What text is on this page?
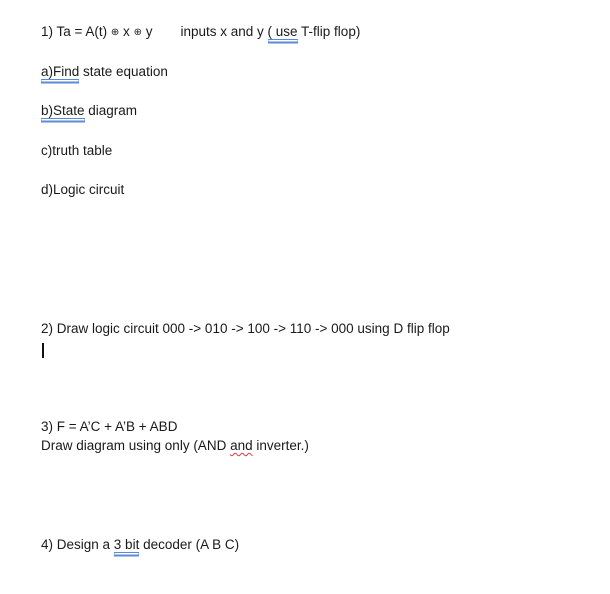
1) Ta = A(t) ⊕ x ⊕ y inputs x and y ( use T-flip flop)
a)Find state equation
b)State diagram
c)truth table
d)Logic circuit
2) Draw logic circuit 000 -> 010 -> 100 -> 110 -> 000 using D flip flop
3) F = A’C + A’B + ABD
Draw diagram using only (AND and inverter.)
4) Design a 3 bit decoder (A B C)
